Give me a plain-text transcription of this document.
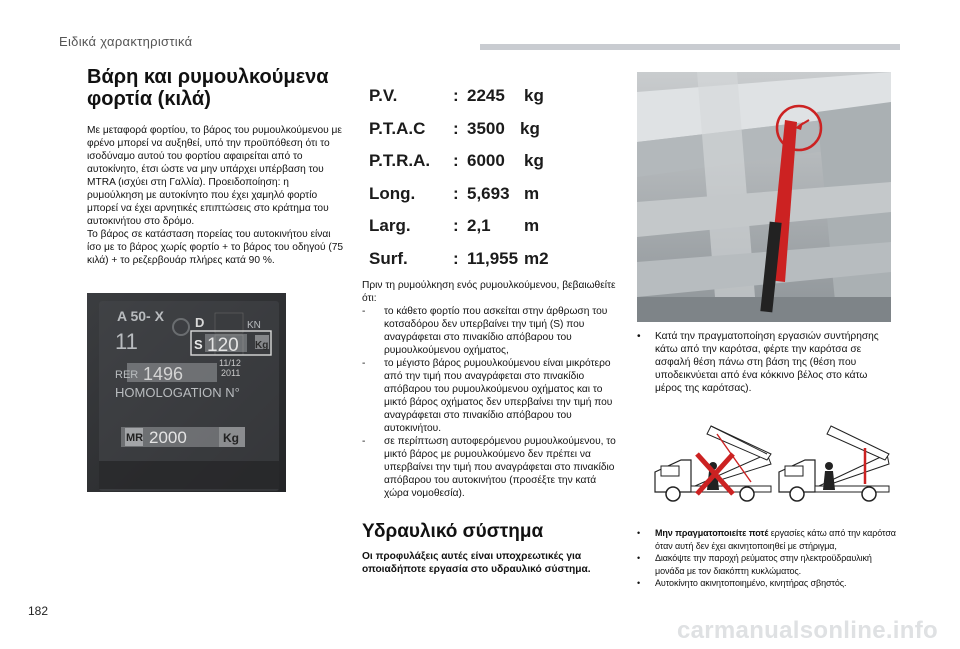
Ειδικά χαρακτηριστικά
Βάρη και ρυμουλκούμενα φορτία (κιλά)

Με μεταφορά φορτίου, το βάρος του ρυμουλκούμενου με φρένο μπορεί να αυξηθεί, υπό την προϋπόθεση ότι το ισοδύναμο αυτού του φορτίου αφαιρείται από το αυτοκίνητο, έτσι ώστε να μην υπάρχει υπέρβαση του MTRA (ισχύει στη Γαλλία). Προειδοποίηση: η ρυμούλκηση με αυτοκίνητο που έχει χαμηλό φορτίο μπορεί να έχει αρνητικές επιπτώσεις στο κράτημα του αυτοκινήτου στο δρόμο.

Το βάρος σε κατάσταση πορείας του αυτοκινήτου είναι ίσο με το βάρος χωρίς φορτίο + το βάρος του οδηγού (75 κιλά) + το ρεζερβουάρ πλήρες κατά 90 %.

A 50- X D	KN
11	S 120 Kg
11/12 2011
RER 1496
HOMOLOGATION N°
MR 2000	Kg
P.V.	: 2245 kg
P.T.A.C : 3500 kg
P.T.R.A. : 6000 kg
Long. : 5,693 m
Larg. : 2,1 m
Surf.	: 11,955 m2

Πριν τη ρυμούλκηση ενός ρυμουλκούμενου, βεβαιωθείτε ότι:

- το κάθετο φορτίο που ασκείται στην άρθρωση του κοτσαδόρου δεν υπερβαίνει την τιμή (S) που αναγράφεται στο πινακίδιο απόβαρου του ρυμουλκούμενου οχήματος,
- το μέγιστο βάρος ρυμουλκούμενου είναι μικρότερο από την τιμή που αναγράφεται στο πινακίδιο απόβαρου του ρυμουλκούμενου οχήματος και το μικτό βάρος οχήματος δεν υπερβαίνει την τιμή που αναγράφεται στο πινακίδιο απόβαρου του αυτοκινήτου.
- σε περίπτωση αυτοφερόμενου ρυμουλκούμενου, το μικτό βάρος με ρυμουλκούμενο δεν πρέπει να υπερβαίνει την τιμή που αναγράφεται στο πινακίδιο απόβαρου του αυτοκινήτου (προσέξτε την κατά χώρα νομοθεσία).
Υδραυλικό σύστημα
Οι προφυλάξεις αυτές είναι υποχρεωτικές για οποιαδήποτε εργασία στο υδραυλικό σύστημα.
• Κατά την πραγματοποίηση εργασιών συντήρησης κάτω από την καρότσα, φέρτε την καρότσα σε ασφαλή θέση πάνω στη βάση της (θέση που υποδεικνύεται από ένα κόκκινο βέλος στο κάτω μέρος της καρότσας).
• Μην πραγματοποιείτε ποτέ εργασίες κάτω από την καρότσα όταν αυτή δεν έχει ακινητοποιηθεί με στήριγμα,
• Διακόψτε την παροχή ρεύματος στην ηλεκτροϋδραυλική μονάδα με τον διακόπτη κυκλώματος.
• Αυτοκίνητο ακινητοποιημένο, κινητήρας σβηστός.
182
carmanualsonline.info
